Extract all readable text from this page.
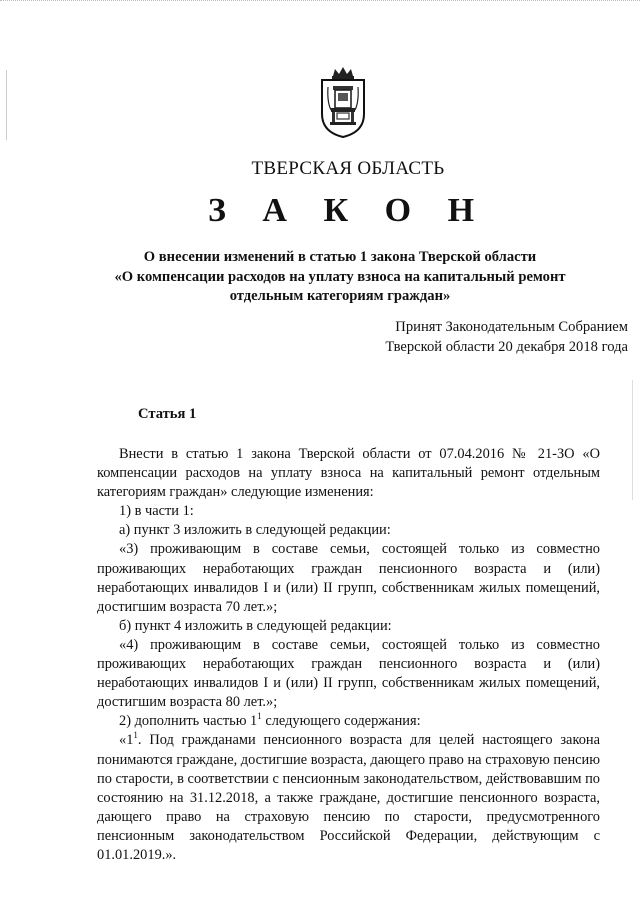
ТВЕРСКАЯ ОБЛАСТЬ
З А К О Н
О внесении изменений в статью 1 закона Тверской области
«О компенсации расходов на уплату взноса на капитальный ремонт
отдельным категориям граждан»
Принят Законодательным Собранием
Тверской области 20 декабря 2018 года
Статья 1

Внести в статью 1 закона Тверской области от 07.04.2016 № 21-ЗО «О компенсации расходов на уплату взноса на капитальный ремонт отдельным категориям граждан» следующие изменения:

1) в части 1:

а) пункт 3 изложить в следующей редакции:

«3) проживающим в составе семьи, состоящей только из совместно проживающих неработающих граждан пенсионного возраста и (или) неработающих инвалидов I и (или) II групп, собственникам жилых помещений, достигшим возраста 70 лет.»;

б) пункт 4 изложить в следующей редакции:

«4) проживающим в составе семьи, состоящей только из совместно проживающих неработающих граждан пенсионного возраста и (или) неработающих инвалидов I и (или) II групп, собственникам жилых помещений, достигшим возраста 80 лет.»;

2) дополнить частью $1^1$ следующего содержания:

«$1^1$. Под гражданами пенсионного возраста для целей настоящего закона понимаются граждане, достигшие возраста, дающего право на страховую пенсию по старости, в соответствии с пенсионным законодательством, действовавшим по состоянию на 31.12.2018, а также граждане, достигшие пенсионного возраста, дающего право на страховую пенсию по старости, предусмотренного пенсионным законодательством Российской Федерации, действующим с 01.01.2019.».
